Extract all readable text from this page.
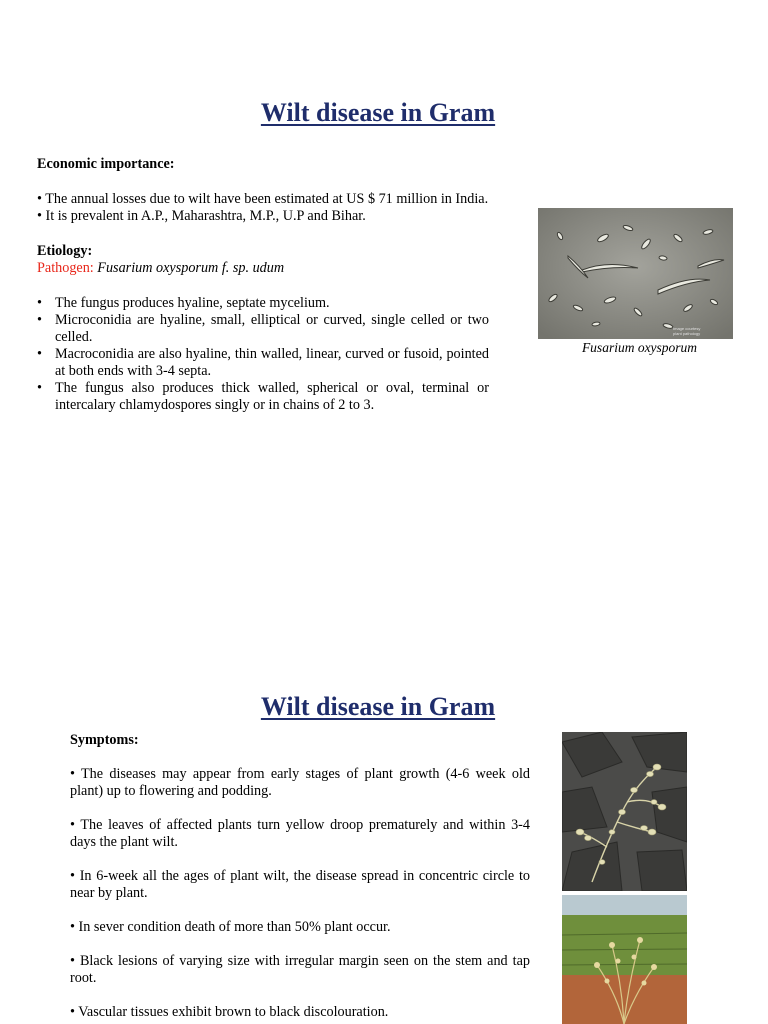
Wilt disease in Gram

Economic importance:

• The annual losses due to wilt have been estimated at US $ 71 million in India.

• It is prevalent in A.P., Maharashtra, M.P., U.P and Bihar.

Etiology:

Pathogen: Fusarium oxysporum f. sp. udum

• The fungus produces hyaline, septate mycelium.
• Microconidia are hyaline, small, elliptical or curved, single celled or two celled.
• Macroconidia are also hyaline, thin walled, linear, curved or fusoid, pointed at both ends with 3-4 septa.
• The fungus also produces thick walled, spherical or oval, terminal or intercalary chlamydospores singly or in chains of 2 to 3.
Image courtesy
plant pathology
Fusarium oxysporum
Wilt disease in Gram

Symptoms:

• The diseases may appear from early stages of plant growth (4-6 week old plant) up to flowering and podding.

• The leaves of affected plants turn yellow droop prematurely and within 3-4 days the plant wilt.

• In 6-week all the ages of plant wilt, the disease spread in concentric circle to near by plant.

• In sever condition death of more than 50% plant occur.

• Black lesions of varying size with irregular margin seen on the stem and tap root.

• Vascular tissues exhibit brown to black discolouration.
